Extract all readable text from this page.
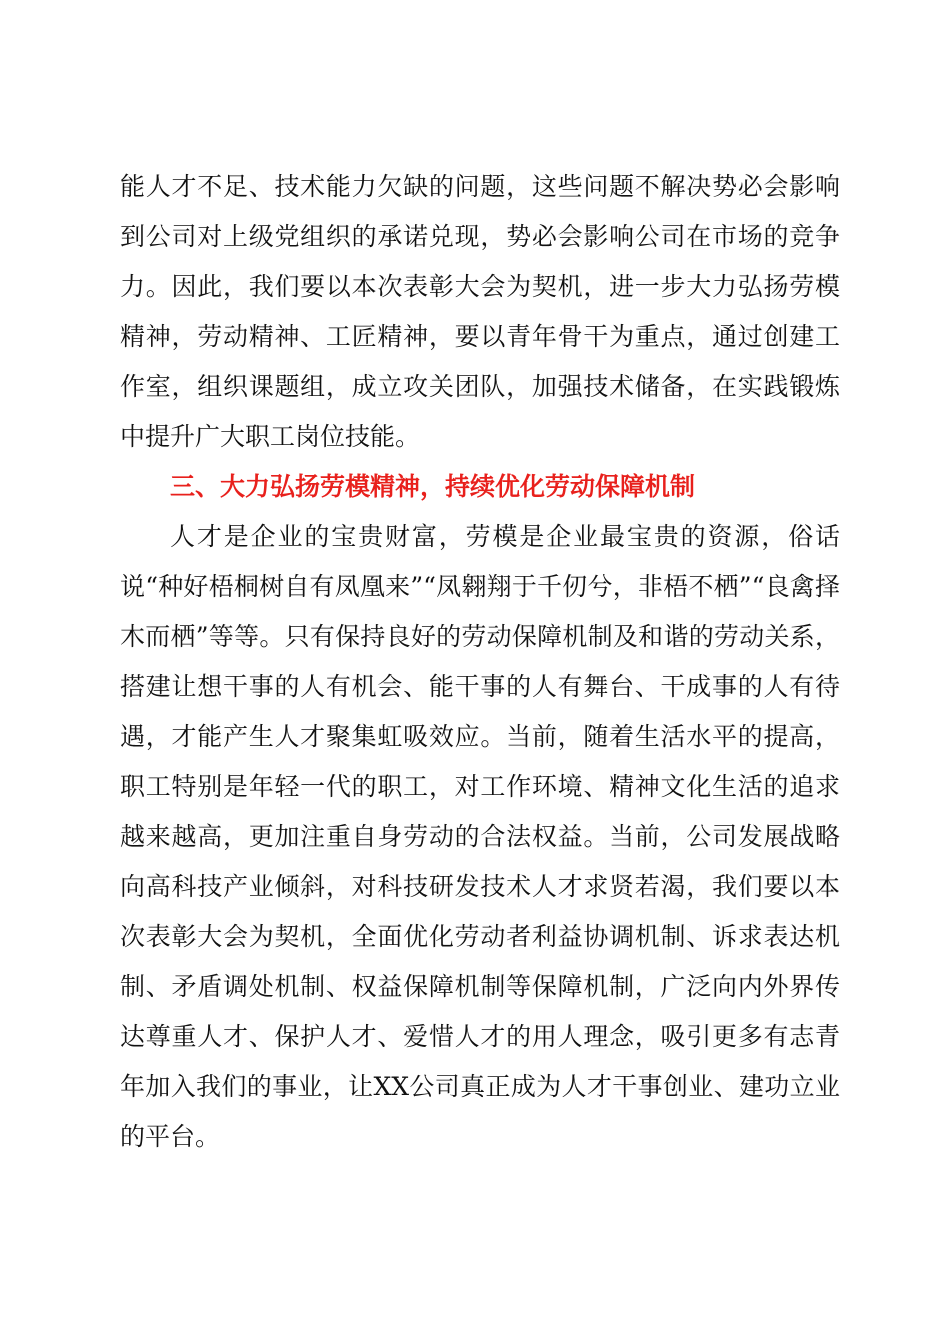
能人才不足、技术能力欠缺的问题，这些问题不解决势必会影响到公司对上级党组织的承诺兑现，势必会影响公司在市场的竞争力。因此，我们要以本次表彰大会为契机，进一步大力弘扬劳模精神，劳动精神、工匠精神，要以青年骨干为重点，通过创建工作室，组织课题组，成立攻关团队，加强技术储备，在实践锻炼中提升广大职工岗位技能。

三、大力弘扬劳模精神，持续优化劳动保障机制

人才是企业的宝贵财富，劳模是企业最宝贵的资源，俗话说“种好梧桐树自有凤凰来”“凤翱翔于千仞兮，非梧不栖”“良禽择木而栖”等等。只有保持良好的劳动保障机制及和谐的劳动关系，搭建让想干事的人有机会、能干事的人有舞台、干成事的人有待遇，才能产生人才聚集虹吸效应。当前，随着生活水平的提高，职工特别是年轻一代的职工，对工作环境、精神文化生活的追求越来越高，更加注重自身劳动的合法权益。当前，公司发展战略向高科技产业倾斜，对科技研发技术人才求贤若渴，我们要以本次表彰大会为契机，全面优化劳动者利益协调机制、诉求表达机制、矛盾调处机制、权益保障机制等保障机制，广泛向内外界传达尊重人才、保护人才、爱惜人才的用人理念，吸引更多有志青年加入我们的事业，让XX公司真正成为人才干事创业、建功立业的平台。
